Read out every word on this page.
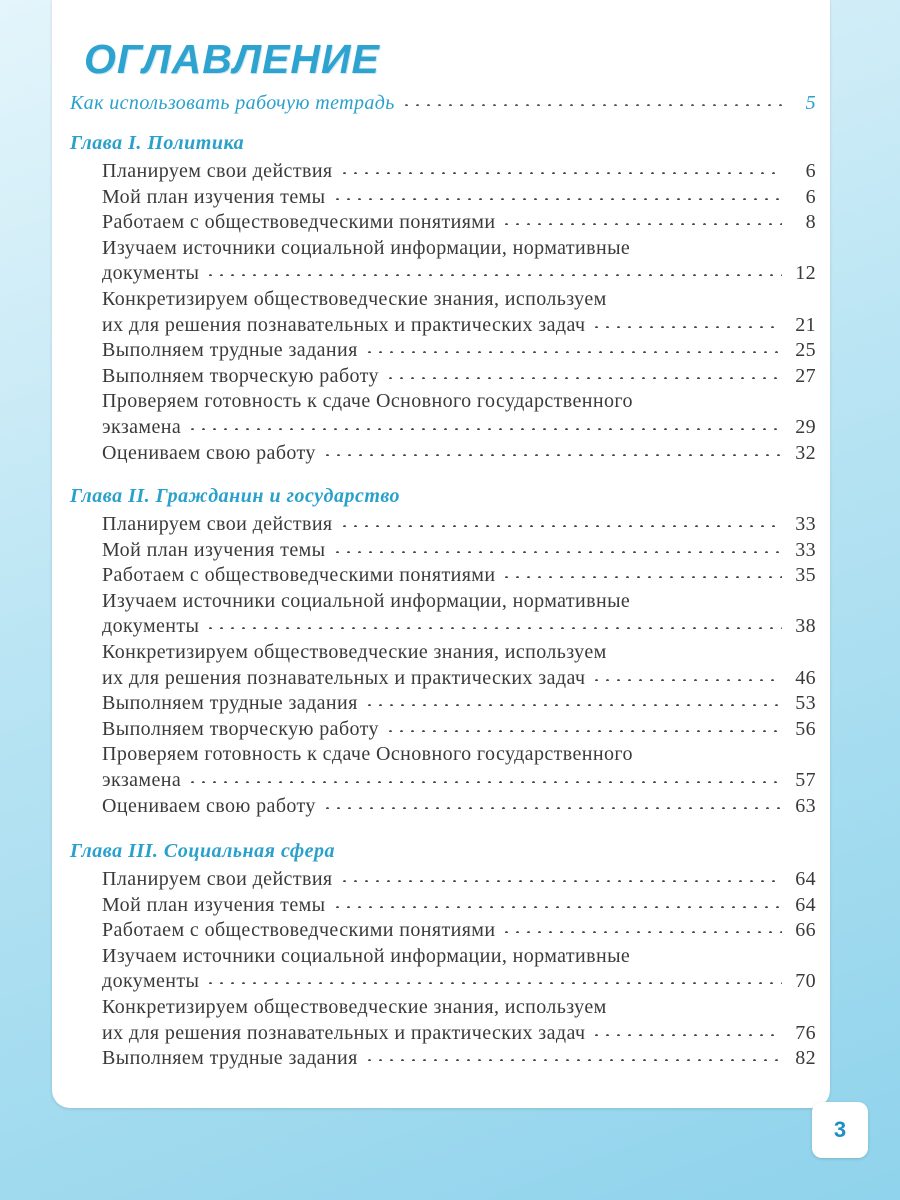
ОГЛАВЛЕНИЕ
Как использовать рабочую тетрадь	5
Глава I. Политика
Планируем свои действия	6
Мой план изучения темы	6
Работаем с обществоведческими понятиями	8
Изучаем источники социальной информации, нормативные
документы	12
Конкретизируем обществоведческие знания, используем
их для решения познавательных и практических задач	21
Выполняем трудные задания	25
Выполняем творческую работу	27
Проверяем готовность к сдаче Основного государственного
экзамена	29
Оцениваем свою работу	32
Глава II. Гражданин и государство
Планируем свои действия	33
Мой план изучения темы	33
Работаем с обществоведческими понятиями	35
Изучаем источники социальной информации, нормативные
документы	38
Конкретизируем обществоведческие знания, используем
их для решения познавательных и практических задач	46
Выполняем трудные задания	53
Выполняем творческую работу	56
Проверяем готовность к сдаче Основного государственного
экзамена	57
Оцениваем свою работу	63
Глава III. Социальная сфера
Планируем свои действия	64
Мой план изучения темы	64
Работаем с обществоведческими понятиями	66
Изучаем источники социальной информации, нормативные
документы	70
Конкретизируем обществоведческие знания, используем
их для решения познавательных и практических задач	76
Выполняем трудные задания	82
3
